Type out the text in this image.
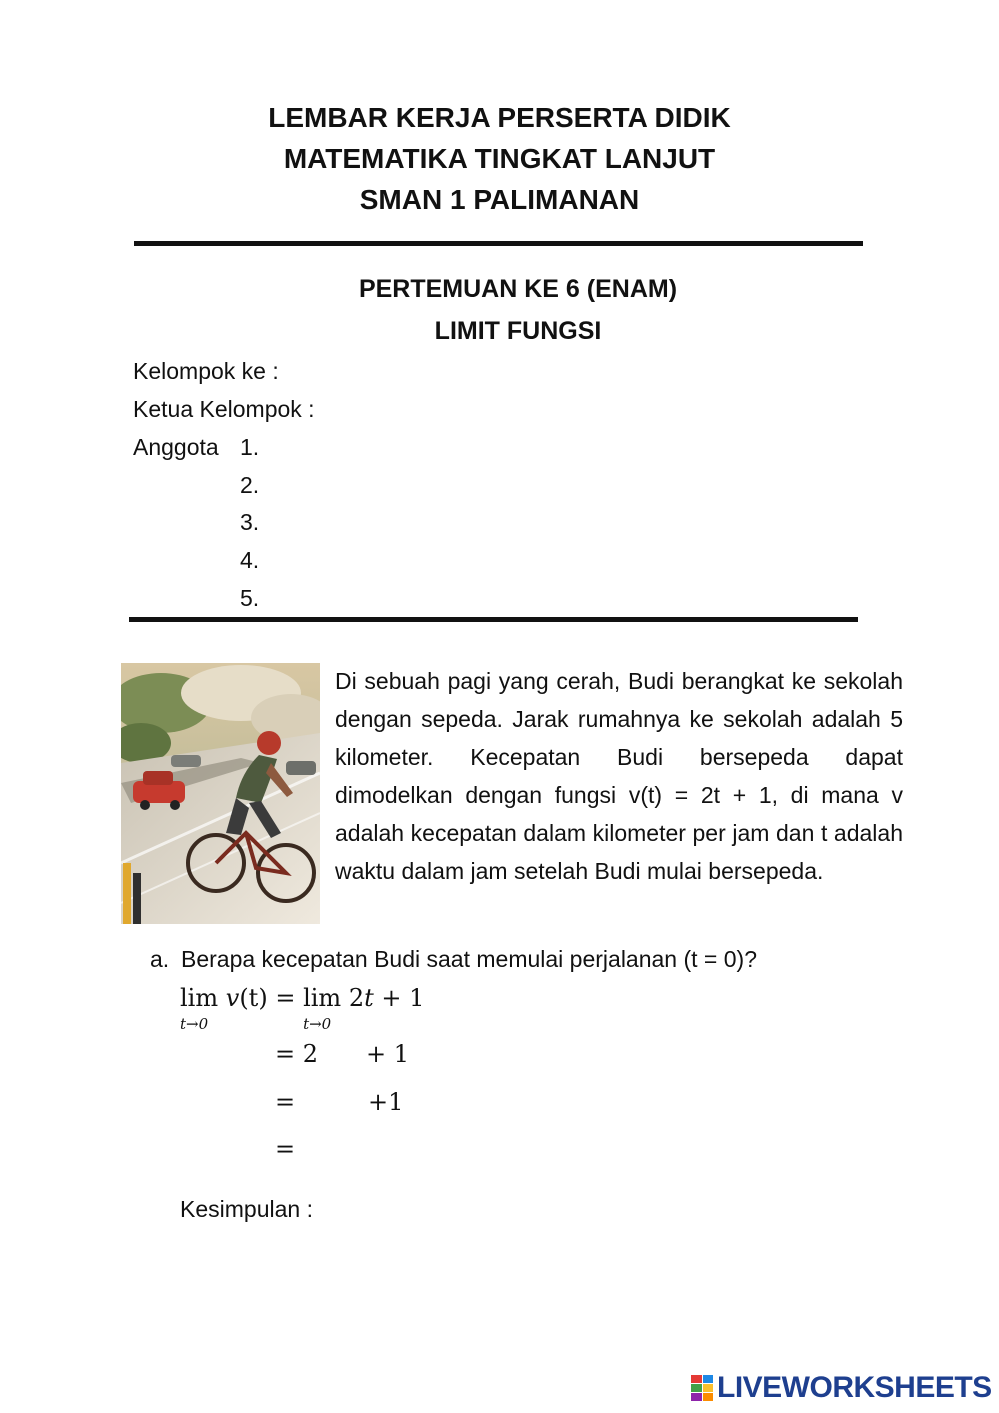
LEMBAR KERJA PERSERTA DIDIK
MATEMATIKA TINGKAT LANJUT
SMAN 1 PALIMANAN
PERTEMUAN KE 6 (ENAM)
LIMIT FUNGSI
Kelompok ke :
Ketua Kelompok :
Anggota 1.
2.
3.
4.
5.
Di sebuah pagi yang cerah, Budi berangkat ke sekolah dengan sepeda. Jarak rumahnya ke sekolah adalah 5 kilometer. Kecepatan Budi bersepeda dapat dimodelkan dengan fungsi v(t) = 2t + 1, di mana v adalah kecepatan dalam kilometer per jam dan t adalah waktu dalam jam setelah Budi mulai bersepeda.
a. Berapa kecepatan Budi saat memulai perjalanan (t = 0)?
lim
t→0
v(t) = lim
t→0
2t + 1
= 2 + 1
=	+1
=
Kesimpulan :
LIVEWORKSHEETS
